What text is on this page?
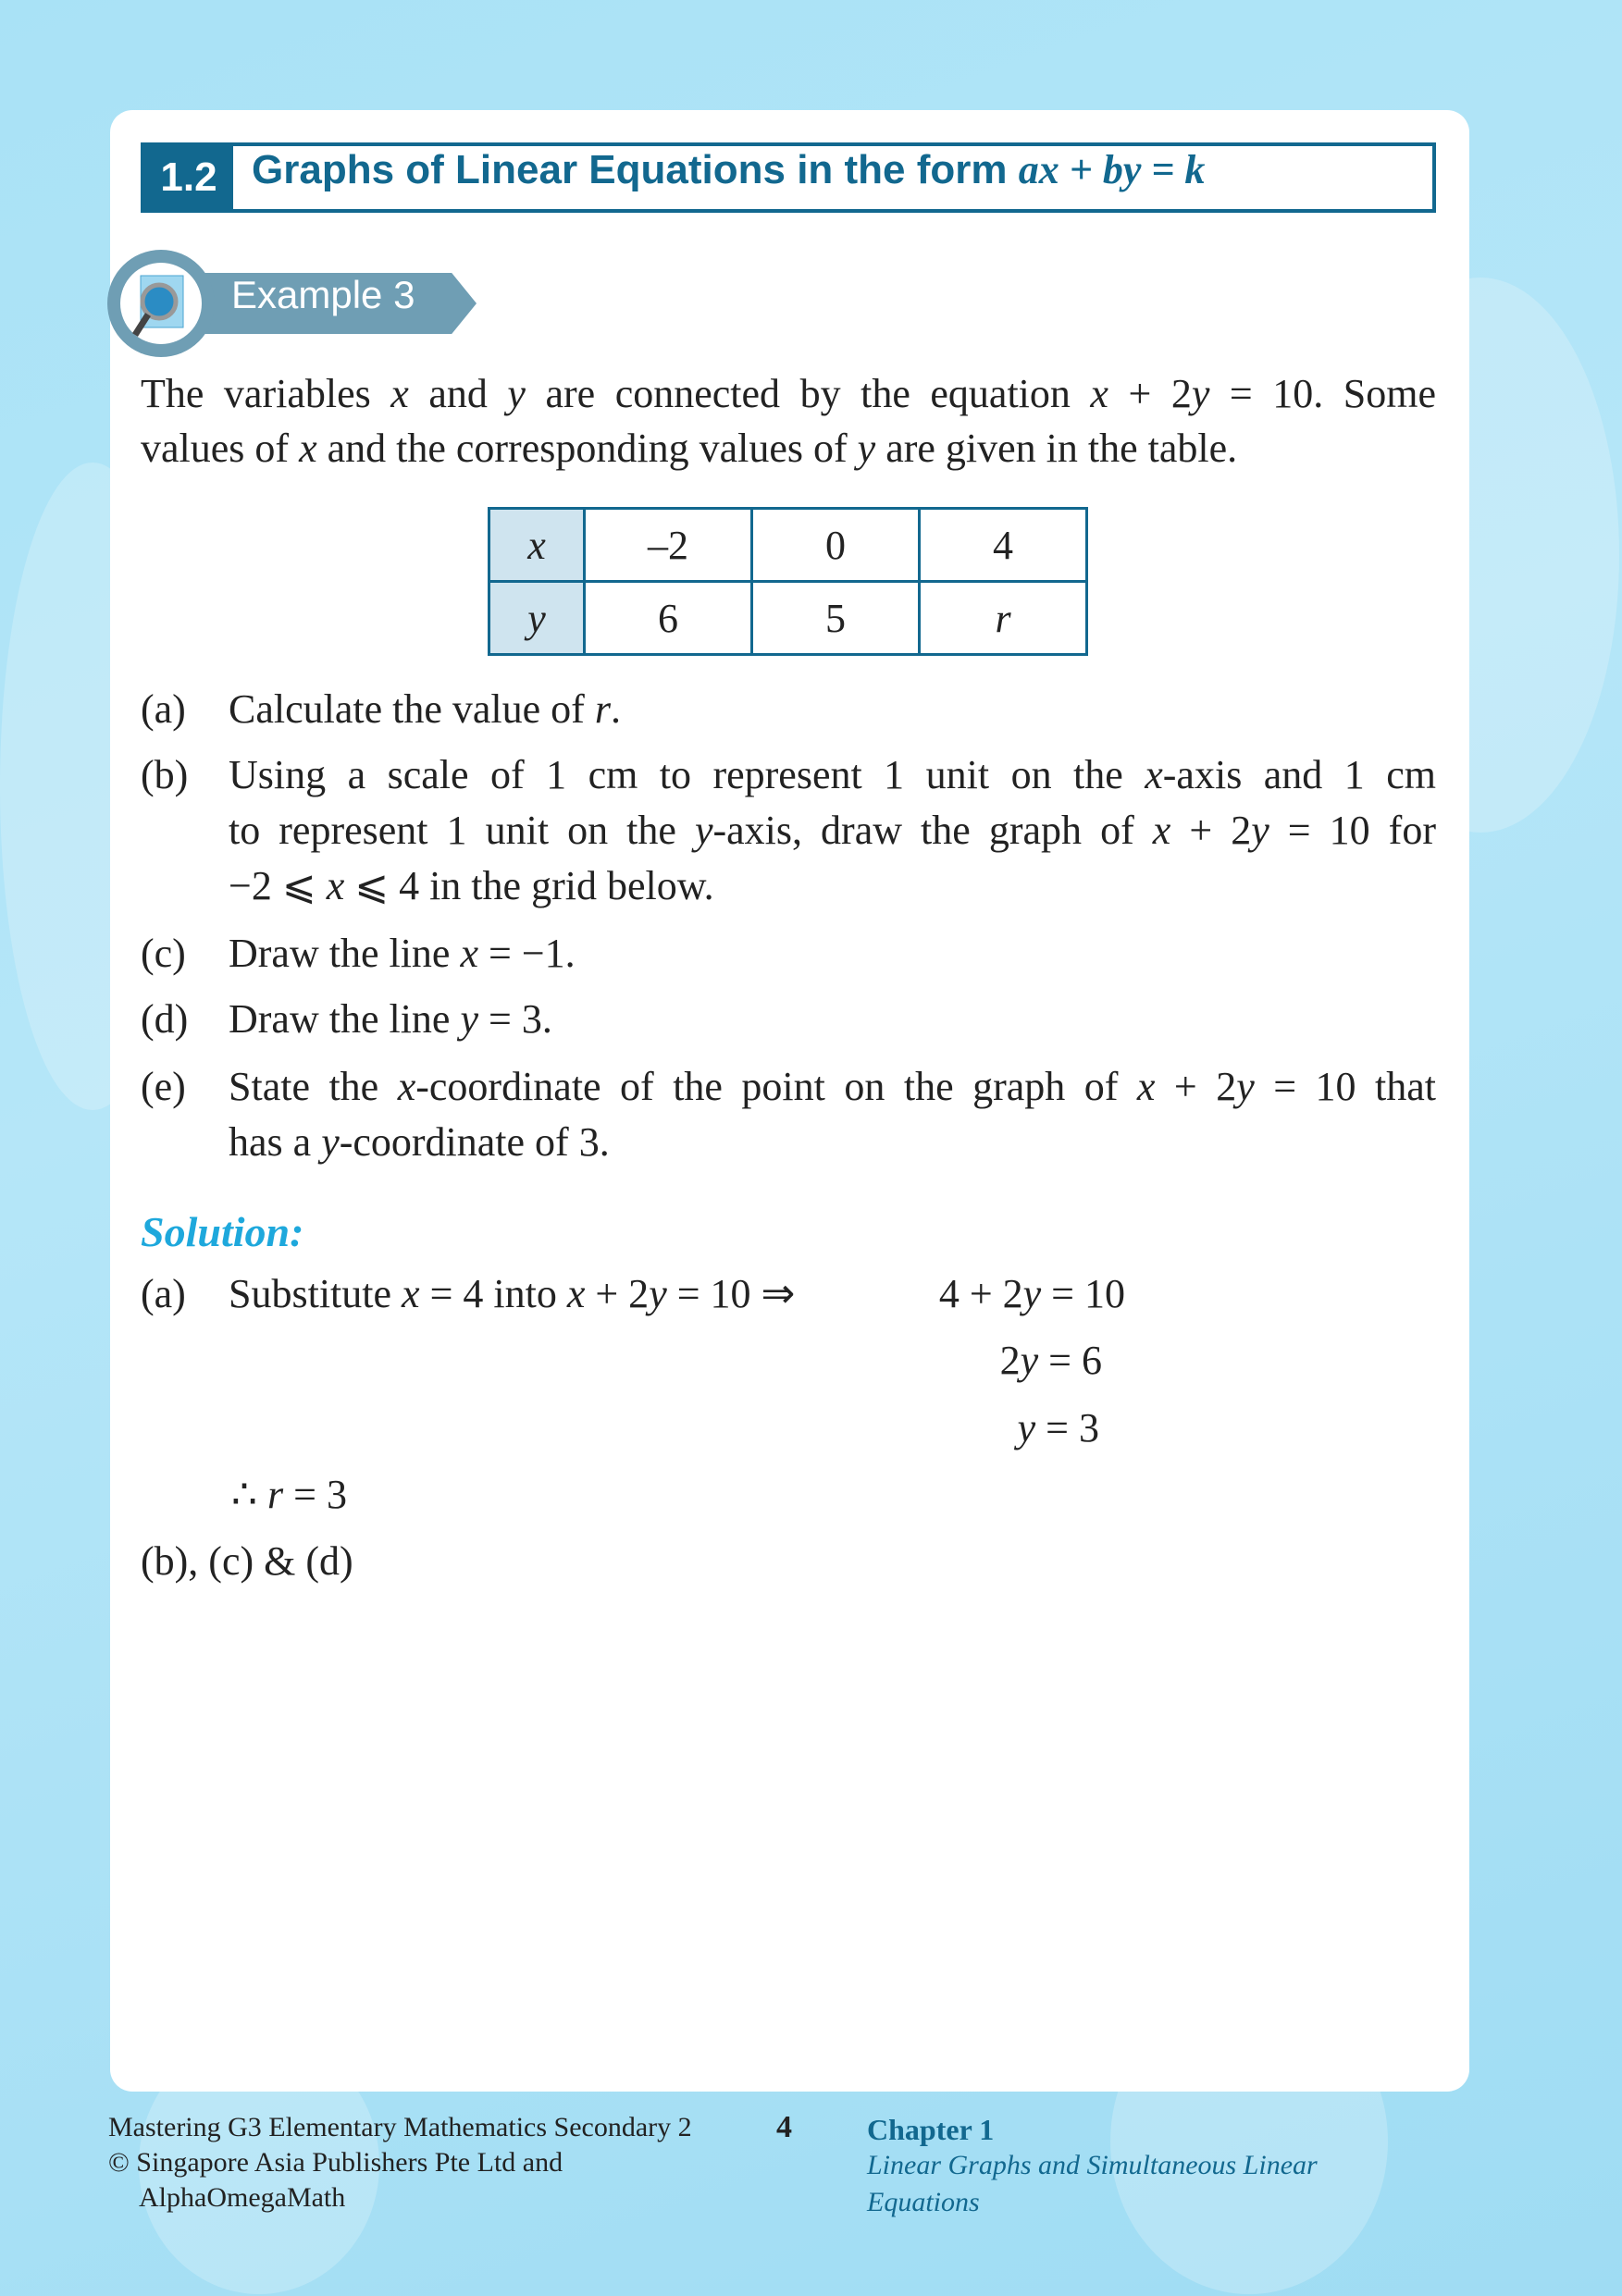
1.2 Graphs of Linear Equations in the form ax + by = k
Example 3
The variables x and y are connected by the equation x + 2y = 10. Some
values of x and the corresponding values of y are given in the table.
x	–2	0	4
y	6	5	r
(a) Calculate the value of r.
(b) Using a scale of 1 cm to represent 1 unit on the x-axis and 1 cm
to represent 1 unit on the y-axis, draw the graph of x + 2y = 10 for
−2 ⩽ x ⩽ 4 in the grid below.
(c) Draw the line x = −1.
(d) Draw the line y = 3.
(e) State the x-coordinate of the point on the graph of x + 2y = 10 that
has a y-coordinate of 3.
Solution:
(a) Substitute x = 4 into x + 2y = 10 ⇒	4 + 2y = 10
2y = 6
y = 3
∴ r = 3
(b), (c) & (d)
Mastering G3 Elementary Mathematics Secondary 2
© Singapore Asia Publishers Pte Ltd and
AlphaOmegaMath
4	Chapter 1
Linear Graphs and Simultaneous Linear
Equations
